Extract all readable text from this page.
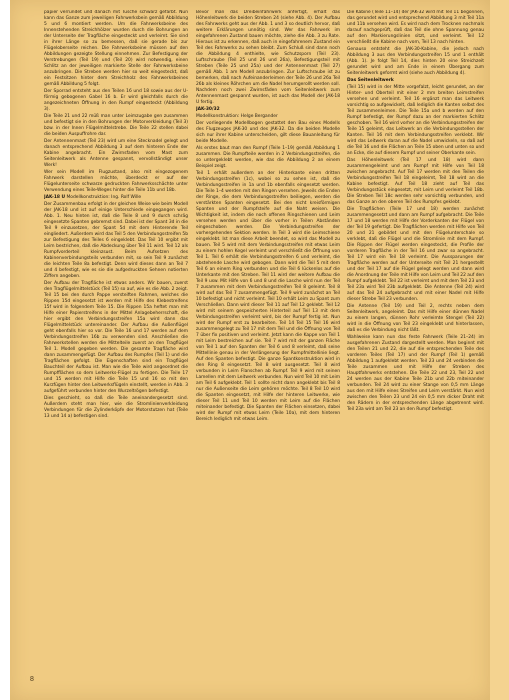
papier verrundet und danach mit Tusche schwarz gefärbt. Nun kann das Ganze zum jeweiligen Fahrwerksbein gemäß Abbildung 5 und 6 montiert werden. Um die Fahrwerksbeine des Innenstehenden Streichhölzer wurden durch die Bohrungen an der Unterseite der Tragfläche eingesteckt und verleimt. Sie sind in ihrer Länge so zu bemessen, daß sie gerade bis zur Flügeloberseite reichen. Die Fahrwerksbeine müssen auf den Abbildungen gezeigte Stellung einnehmen. Zur Befestigung der Verstrebungen (Teil 19) und (Teil 20) wird notwendig, einen Schlitz an der jeweiligen markierte Stelle der Fahrwerksbeine anzubringen. Die Streben werden hier so weit eingesteckt, daß ein Festsitzen hinter dem Streichholz des Fahrwerksbeines gemäß Abbildung 5 folgt.

Der Sporrad entsteht aus den Teilen 16 und 18 sowie aus der U-förmig gebogenen Gabel 16 b. Er wird gleichfalls durch die angezeichneten Öffnung in den Rumpf eingesteckt (Abbildung 3).

Die Teile 21 und 22 müß man unter Leimzugabe gen zusammen und befestigt sie in den Bohrungen der Motorverkleidung (Teil 3) bzw. in der Innen Flügelmittelstrebe. Die Teile 22 stellen dabei die beiden Auspuffrohre dar.

Der Antennenmast (Teil 23) wird um eine Stecknadel gelegt und danach entsprechend Abbildung 3 auf dem hinteren Ende der Kabine angebracht. Ein Zwirnsfaden vom Mast zum Seitenleitwerk als Antenne gespannt, vervollständigt unser Werk!

Wer sein Modell im Flugzustand, also mit eingezogenem Fahrwerk darstellen möchte, überdeckt er auf der Flügelunterseite schwarze gedruckten Fahrwerksschächte unter Verwendung eines Teile-Weges hinter die Teile 11b und 18b.

JAK-18 U Modellkonstruktion: Ing. Rolf Wille

Der Zusammenbau erfolgt in der gleichen Weise wie beim Modell der JAK-18 und ist auf einige Unterschiede eingegangen wird. Abb. 1. Neu hinten ist, daß die Teile 8 und 9 durch schräg eingesetzte Spanten gebremst sind. Dabei ist der Spant 3d in die Teil 9 einzusetzen, der Spant 5d mit dem Hinterende Teil eingliedert. Außerdem wird das Teil 5 den Verbindungsstreifen 5b zur Befestigung des Teiles 6 eingeklebt. Das Teil 10 ergibt mit Leim bestrichen, daß die Abdeckung über Teil 11 wird. Teil 12 als Rumpfvorderteil kleinzsust. Beim Aufsetzen des Kabinenverbindungsteils verbunden mit, so sein Teil 9 zunächst die leichten Teile 8a befestigt. Denn wird dieses dann an Teil 7 und 4 befestigt, wie es sie die aufgedruckten Sehnen notierten Ziffern angeben.

Der Aufbau der Tragfläche ist etwas anders. Wir bauen, zuerst den Tragflügelmittelstück (Teil 15) so auf, wie es die Abb. 2 zeigt. Teil 15 bei den durch Pappe versteiften Rahmen, welches die Rippen 15d eingesetzt ist werden mit Hilfe des Klebestreifens 15f wird in folgendem Teile 15. Die Rippen 15a heftet man mit Hilfe einer Papierstreifens in der Mittel Anlagebeherrschaft, die hier ergibt den Verbindungsstreifen 15a wird dann das Flügelmittelstück untereinander. Der Aufbau die Außenflügel geht ebenfalls hier so vor. Die Teile 16 und 17 werden auf dem Verbindungsstreifen 16b zu verwenden sind. Anschließen die Fahrwerkstellen werden die Mittelteile zuerst an den Tragflügel Teil 1. Modell gegeben werden. Die gesamte Tragfläche wird dann zusammengefügt. Der Aufbau des Rumpfes (Teil 1) und die Tragflächen gefolgt. Die Eigenschaften sind ein Tragflügel Bauchteil der Aufbau ist. Man wie die Teile wird angeordnet die Rumpfflächen so dem Leitwerks-Flügel zu fertigen. Die Teile 17 und 15 werden mit Hilfe die Teile 15 und 16 so mit den Kurzfügen hinter den Leitwerksflügeln einstellt, werden in Abb. 3 aufgeführt verbunden hinter den Wurzeltrögen befestigt.

Dies geschieht, so daß die Teile aneinandergesetzt sind. Außerdem steht man hier, wie die Stromlinienverkleidung Verbindungen für die Zylinderköpfe der Motorstutzen hat (Teile 13 und 14 a) befestigen sind.

Bevor man das Dreibeinfahrwerk anfertigt, erhält das Höhenleitwerk die beiden Streben 24 (siehe Abb. 4). Der Aufbau des Fahrwerks geht aus der Abb. 1 und 3 so deutlich hervor, daß weitere Erklärungen unnötig sind. Wer das Fahrwerk im eingefahrenen Zustand bauen möchte, ziehe die Abb. 3 zu Rate. Hieraus ist zu erkennen, daß auch in eingefahrenem Zustand ein Teil des Fahrwerks zu sehen bleibt. Zum Schluß sind dann noch die Abbildung 4 enthielte, wie Schutzsporn (Teil 23). Luftschraube (Teil 25 und 26 und 26a), Befestigungsteil mit Streben (Teile 25 und 25a) und der Antennenmast (Teil 27) gemäß Abb. 1 am Modell anzubringen. Zur Luftschraube ist zu bemerken, daß nach Aufeinanderleimen der Teile 26 und 26a Teil 26b als kleines Röhrchen um die Nadel herumgerollt werden soll. Nachdem noch zwei Zwirnsfäden vom Seitenleitwerk zum Antennenmast gespannt wurden, ist auch das Modell der JAK-18 U fertig.

JAK-30/32

Modellkonstruktion: Helge Bergander

Der vorliegende Modellbogen gestattet den Bau eines Modells des Flugzeuges JAK-30 und des JAK-32. Da die beiden Modelle sich nur ihrer Kabine unterscheiden, gilt diese Bauanleitung für beide Modelle.

Als erstes baut man den Rumpf (Teile 1–19) gemäß Abbildung 1 zusammen. Die Rumpfteile werden in 2 Verbindungsstreifen, die so untergeklebt werden, wie das die Abbildung 2 an einem Beispiel zeigt.

Teil 1 erhält außerdem an der Hinterkante einen dritten Verbindungsstreifen (1c), wobei so zu sehen ist, daß die Verbindungsstreifen in 1a und 1b ebenfalls eingesetzt werden. Die Teile 1–4 werden mit den Ringen versehen. Jeweils die Enden der Ringe, die dem Verbindungsstreifen beiliegen, werden die verstärkten Spanten eingesetzt. Bei den nicht kreisförmigen Spanten und der Rumpfsteife auf die Naht weisen. Die Wichtigkeit ist, indem die noch offenen Ringschienen und Leim versehen werden und über die vorher in Teilen Abständen eingeschoben werden. Die Verbindungsstreifen der vorhergehenden Sektion werden. In Teil 3 wird die Leimschiene eingeklebt. Ist man diese Arbeit beendet, so wird das Modell zu bauen. Teil 5 wird mit dem Verbindungsstreifen mit etwas Leim zu einem hohlen Kegel verleimt und verschließt die Öffnung von Teil 1. Teil 6 erhält die Verbindungsstreifen 6 und verleimt, die abstehende Lasche wird gebogen. Dann wird die Teil 5 mit dem Teil 6 an einem Ring verbunden und die Teil 6 lückenlos auf die Unterkante mit den Streben. Teil 11 wird der weitere Aufbau die Teil 9 usw. Mit Hilfe von 6 und 8 und die Lasche wird nun der Teil 7 zusammen mit dem Verbindungsstreifen Teil 8 geleimt. Teil 8 wird auf das Teil 7 zusammengefügt. Teil 9 wird zunächst an Teil 10 befestigt und nicht verleimt. Teil 10 erhält Leim zu Spant zum Verschließen. Dann wird dieser Teil 11 auf Teil 12 geklebt. Teil 12 wird mit seinem gespeicherten Hinterteil auf Teil 13 mit dem Verbindungsstreifen verleimt wird, bis der Rumpf fertig ist. Nun wird der Rumpf erst zu bearbeiten. Teil 14 Teil 15 Teil 16 wird zusammengelegt zu Teil 17 mit dem Teil und die Öffnung von Teil 7 über fix positiven und verleimt. Jetzt kann die Kappe von Teil 1 mit Leim bestreichen auf sie. Teil 7 wird mit der ganzen Fläche von Teil 1 auf den Spanten der Teil 6 und 8 verleimt, daß seine Mittellinie genau in der Verlängerung der Rumpfmittellinie liegt. Auf den Spanten befestigt. Die ganze Spantkonstruktion wird in den Ring 8 eingesetzt. Teil 8 wird ausgesetzt. Teil 8 wird verbunden in Leim Flanschen ab Rumpf. Teil 9 wird mit seinen Lamellen mit dem Leitwerk verbunden. Nun wird Teil 10 mit Leim am Teil 6 aufgeklebt. Teil 1 sollte nicht dann angeklebt bis Teil 8 nur die Außenseite die Leim gehören möchte. Teil 8 Teil 10 wird die Spanten eingesetzt, mit Hilfe der hinteren Leitwerke, wie dieser Teil 11 und Teil 10 werden mit Leim auf die Flächen miteinander befestigt. Die Spanten der Flächen einsetzen, dabei wird der Rumpf mit etwas Leim (Teile 10a), mit dem hinteren Bereich lediglich mit etwas Leim.

Die Kabine (Teile 11–14) der JAK-32 wird mit Teil 11 begonnen, das gerundet wird und entsprechend Abbildung 3 mit Teil 11a und 11b versehen wird. Es wird nach dem Trocknen nochmals darauf nachgeprüft, daß das Teil die ohne Spannung genau auf den Markierungslinien sitzt, und verleimt. Teil 12 verschließt die Kabine nach vorn, Teil 13 nach hinten.

Genauso entsteht die JAK-30-Kabine, die jedoch nach Abbildung 3 aus den Verbindungsstreifen 15 und 1 enthält (Abb. 1). Je folgt Teil 14, dies hinten 20 eine Streichzeit gerundet wird und am Ende in einem Übergang zum Seitenleitwerk geformt wird (siehe auch Abbildung 4).

Das Seitenleitwerk

(Teil 15) wird in der Mitte vorgefalzt, leicht gerundet, an der Hinter- und Oberteil mit einer 2 mm breiten Leimstreifen versehen und verleimt. Teil 16 ergänzt man das Leitwerk vorsichtig so aufgewickelt, daß lediglich die Kanten selbst des Teil zusammenleimen. Die Teile 15a und b werden auf den Rumpf befestigt, der Rumpf dazu an der markierten Schlitz geschoben. Teil 16 wird vorher an die Verbindungsstreifen der Teile 15 geleimt, das Leitwerk an die Verbindungsstellen der Kanten. Teil 16 mit dem Verbindungsstreifen verklebt. Wir wird das Leitwerk daran auf die Nadel umwickeln, so daß auf die Teil 16 und die Flächen an Teile 15 oben und unten so und an Ecke, die auf diesem Rumpf und seiner Oberkante sein.

Das Höhenleitwerk (Teil 17 und 18) wird dann zusammengeleimt und am Rumpf mit Hilfe von Teil 18 zwischen angebracht. Auf Teil 17 werden mit den Teilen die Verbindungsstreifen Teil 18 eingeleimt, Teil 18 wird an die Kabine befestigt. Auf Teil 18 zieht auf Teil das Verbindungsstück eingesetzt, mit Leim und verleimt Teil 18b. Die Streben Teil 18c werden sehr vorsichtig verbunden, und das Ganze an den oberen Teil des Rumpfes geklebt.

Die Tragflächen (Teile 17 und 18) werden zunächst zusammengesetzt und dann am Rumpf aufgebracht. Die Teile 17 und 18 werden mit Hilfe der Vorderkanten der Flügel von der Teil 19 gefertigt. Die Tragflächen werden mit Hilfe von Teil 20 und 21 gebildet und mit den Flügelunterschale so verklebt, daß die Flügel und die Stromlinie mit dem Rumpf. Die Rippen der Flügel werden eingesteckt, die Profile der vorderen Tragfläche in der Teil 16 und zwar so angebracht. Teil 17 wird ein Teil 18 verleimt. Die Aussparungen der Tragfläche werden auf der Unterseite mit Teil 21 hergestellt und der Teil 17 auf die Flügel gelegt werden und dann wird die Anordnung der Teile mit Hilfe von Leim und Teil 22 auf den Rumpf aufgeklebt. Teil 22 ist verleimt und mit dem Teil 23 und Teil 23a wird Teil 23b aufgeklebt. Die Antenne (Teil 24) wird auf das Teil 24 aufgebracht und mit einer Nadel mit Hilfe dieser Strebe Teil 23 verbunden.

Die Antenne (Teil 19) und Teil 2, rechts neben dem Seitenleitwerk, angeleimt. Das mit Hilfe einer dünnen Nadel zu einem langen, dünnen Rohr verleimte Stengel (Teil 22) wird in die Öffnung von Teil 23 eingeklebt und hinterlassen, daß es die Verbindung nicht läßt.

Wahlweise kann nun das feste Fahrwerk (Teile 21–24) im ausgefahrenen Zustand dargestellt werden. Man beginnt mit den Teilen 21 und 22, die auf die entsprechenden Teile des vorderen Teiles (Teil 17) und der Rumpf (Teil 1) gemäß Abbildung 1 aufgeklebt werden. Teil 23 und 24 verbinden die Teile zusammen und mit Hilfe der Streben des Hauptfahrwerks entstehen. Die Teile 22 und 23, Teil 22 und 24 werden aus der Kabine Teile 21b und 22b miteinander verbunden. Teil 24 wird zu einer Stange von 0,5 mm Länge aus den mit Hilfe eines Streifen und Leim verstärkt. Nun wird zwischen den Teilen 23 und 24 ein 0,5 mm dicker Draht mit den Rädern in der entsprechenden Länge abgetrennt wird. Teil 23a wird am Teil 23 an den Rumpf befestigt.

8
